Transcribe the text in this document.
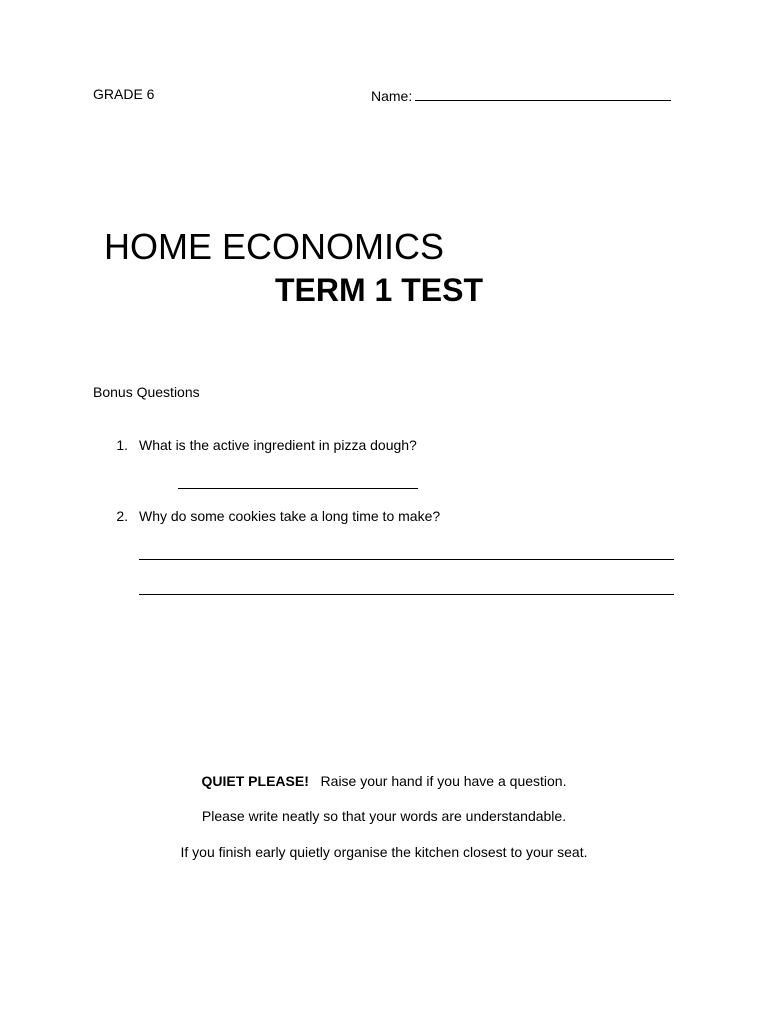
GRADE 6	Name:
HOME ECONOMICS
TERM 1 TEST
Bonus Questions
1. What is the active ingredient in pizza dough?
2. Why do some cookies take a long time to make?
QUIET PLEASE! Raise your hand if you have a question.
Please write neatly so that your words are understandable.
If you finish early quietly organise the kitchen closest to your seat.
